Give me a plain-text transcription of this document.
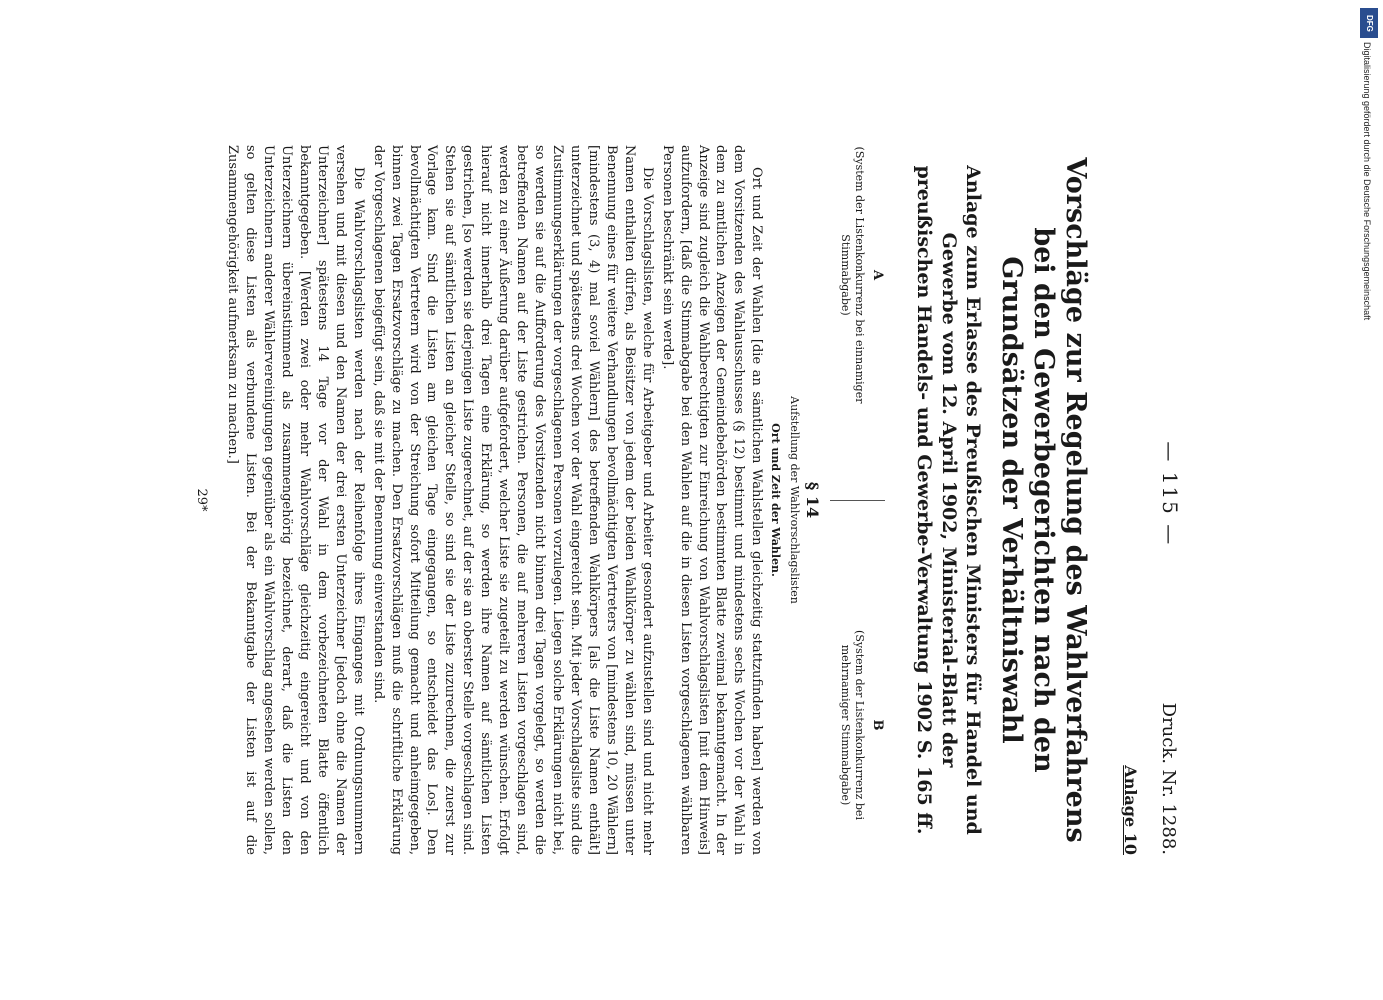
— 115 —
Druck. Nr. 1288.
Anlage 10
Vorschläge zur Regelung des Wahlverfahrens bei den Gewerbegerichten nach den Grundsätzen der Verhältniswahl
Anlage zum Erlasse des Preußischen Ministers für Handel und Gewerbe vom 12. April 1902, Ministerial-Blatt der preußischen Handels- und Gewerbe-Verwaltung 1902 S. 165 ff.
A
(System der Listenkonkurrenz bei einnamiger Stimmabgabe)
B
(System der Listenkonkurrenz bei mehrnamiger Stimmabgabe)
§ 14
Aufstellung der Wahlvorschlagslisten
Ort und Zeit der Wahlen.

Ort und Zeit der Wahlen [die an sämtlichen Wahlstellen gleichzeitig stattzufinden haben] werden von dem Vorsitzenden des Wahlausschusses (§ 12) bestimmt und mindestens sechs Wochen vor der Wahl in dem zu amtlichen Anzeigen der Gemeindebehörden bestimmten Blatte zweimal bekanntgemacht. In der Anzeige sind zugleich die Wahlberechtigten zur Einreichung von Wahlvorschlagslisten [mit dem Hinweis] aufzufordern, [daß die Stimmabgabe bei den Wahlen auf die in diesen Listen vorgeschlagenen wählbaren Personen beschränkt sein werde].

Die Vorschlagslisten, welche für Arbeitgeber und Arbeiter gesondert aufzustellen sind und nicht mehr Namen enthalten dürfen, als Beisitzer von jedem der beiden Wahlkörper zu wählen sind, müssen unter Benennung eines für weitere Verhandlungen bevollmächtigten Vertreters von [mindestens 10, 20 Wählern] [mindestens (3, 4) mal soviel Wählern] des betreffenden Wahlkörpers [als die Liste Namen enthält] unterzeichnet und spätestens drei Wochen vor der Wahl eingereicht sein. Mit jeder Vorschlagsliste sind die Zustimmungserklärungen der vorgeschlagenen Personen vorzulegen. Liegen solche Erklärungen nicht bei, so werden sie auf die Aufforderung des Vorsitzenden nicht binnen drei Tagen vorgelegt, so werden die betreffenden Namen auf der Liste gestrichen. Personen, die auf mehreren Listen vorgeschlagen sind, werden zu einer Äußerung darüber aufgefordert, welcher Liste sie zugeteilt zu werden wünschen. Erfolgt hierauf nicht innerhalb drei Tagen eine Erklärung, so werden ihre Namen auf sämtlichen Listen gestrichen, [so werden sie derjenigen Liste zugerechnet, auf der sie an oberster Stelle vorgeschlagen sind. Stehen sie auf sämtlichen Listen an gleicher Stelle, so sind sie der Liste zuzurechnen, die zuerst zur Vorlage kam. Sind die Listen am gleichen Tage eingegangen, so entscheidet das Los]. Den bevollmächtigten Vertretern wird von der Streichung sofort Mitteilung gemacht und anheimgegeben, binnen zwei Tagen Ersatzvorschläge zu machen. Den Ersatzvorschlägen muß die schriftliche Erklärung der Vorgeschlagenen beigefügt sein, daß sie mit der Benennung einverstanden sind.

Die Wahlvorschlagslisten werden nach der Reihenfolge ihres Einganges mit Ordnungsnummern versehen und mit diesen und den Namen der drei ersten Unterzeichner [jedoch ohne die Namen der Unterzeichner] spätestens 14 Tage vor der Wahl in dem vorbezeichneten Blatte öffentlich bekanntgegeben. [Werden zwei oder mehr Wahlvorschläge gleichzeitig eingereicht und von den Unterzeichnern übereinstimmend als zusammengehörig bezeichnet, derart, daß die Listen den Unterzeichnern anderer Wählervereinigungen gegenüber als ein Wahlvorschlag angesehen werden sollen, so gelten diese Listen als verbundene Listen. Bei der Bekanntgabe der Listen ist auf die Zusammengehörigkeit aufmerksam zu machen.]

29*
DFG
Digitalisierung gefördert durch die Deutsche Forschungsgemeinschaft
